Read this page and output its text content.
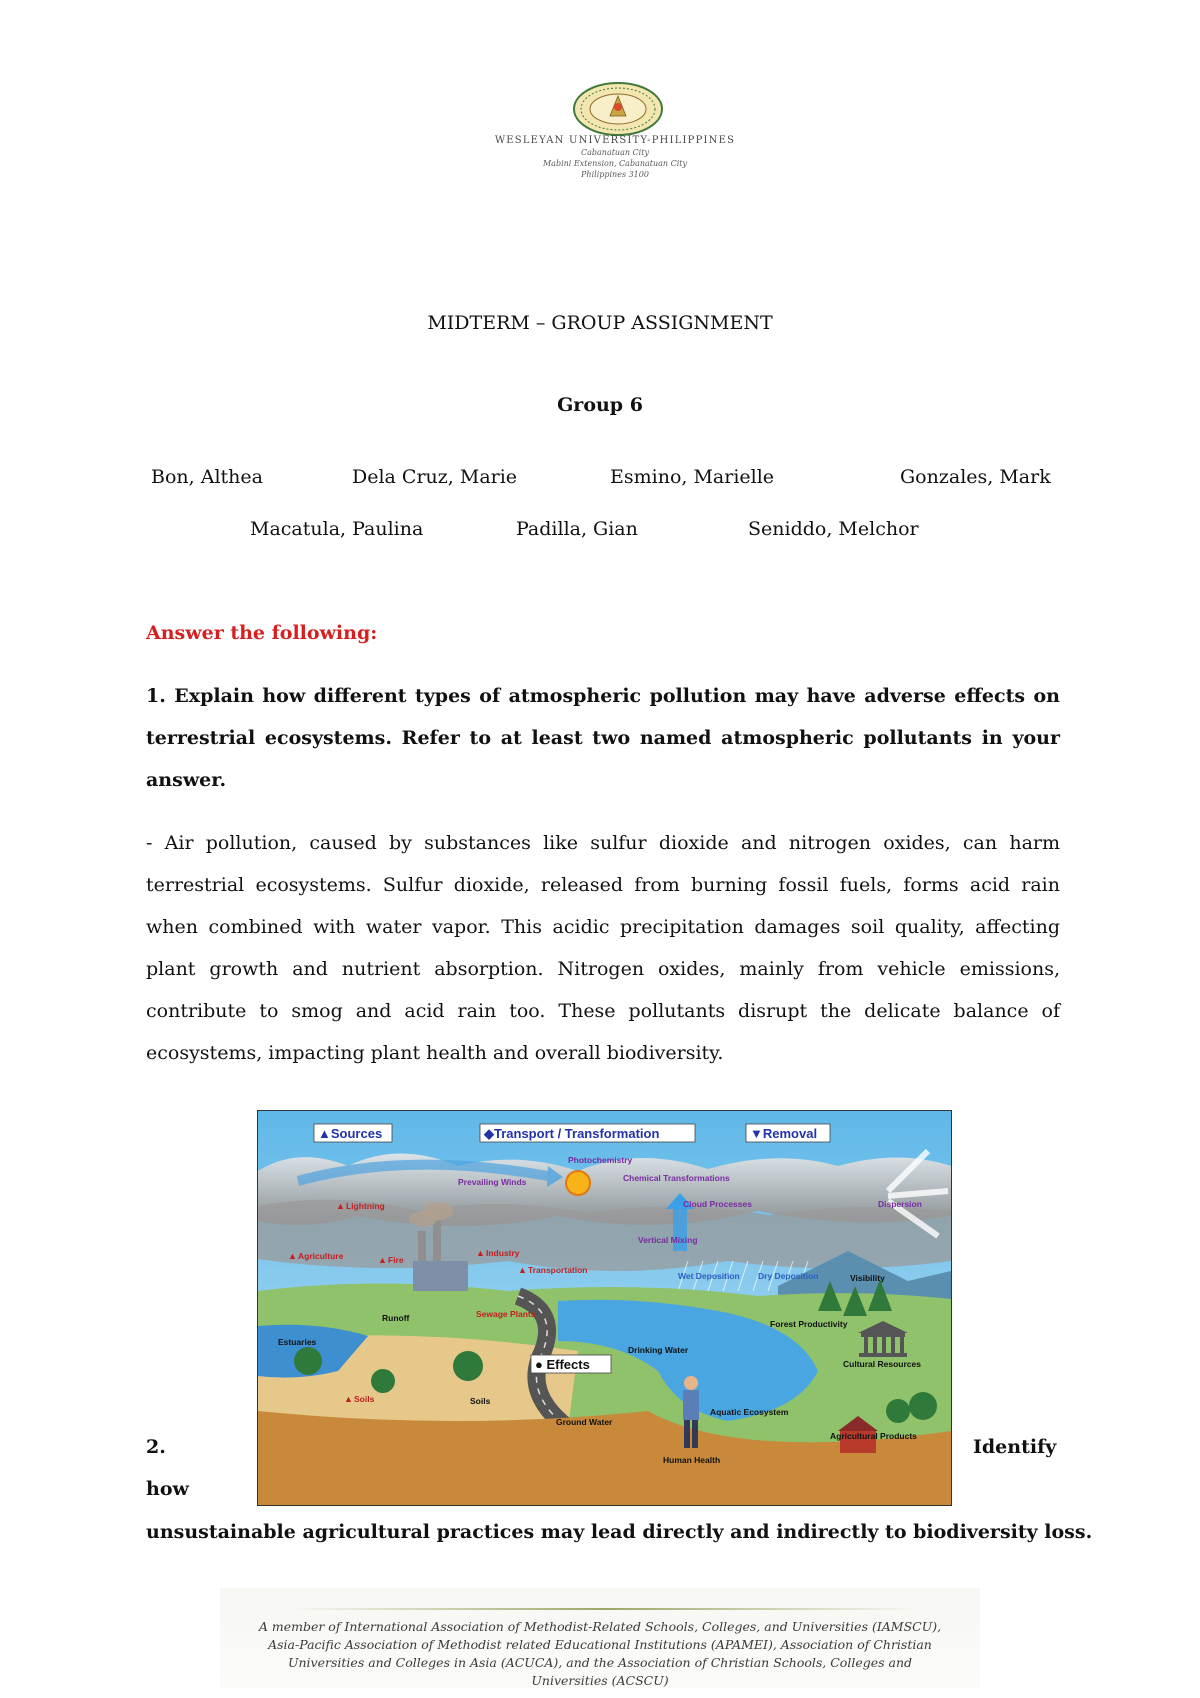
WESLEYAN UNIVERSITY-PHILIPPINES
Cabanatuan City
Mabini Extension, Cabanatuan City
Philippines 3100
MIDTERM – GROUP ASSIGNMENT
Group 6
Bon, Althea	Dela Cruz, Marie	Esmino, Marielle	Gonzales, Mark
Macatula, Paulina	Padilla, Gian	Seniddo, Melchor
Answer the following:
1. Explain how different types of atmospheric pollution may have adverse effects on terrestrial ecosystems. Refer to at least two named atmospheric pollutants in your answer.
- Air pollution, caused by substances like sulfur dioxide and nitrogen oxides, can harm terrestrial ecosystems. Sulfur dioxide, released from burning fossil fuels, forms acid rain when combined with water vapor. This acidic precipitation damages soil quality, affecting plant growth and nutrient absorption. Nitrogen oxides, mainly from vehicle emissions, contribute to smog and acid rain too. These pollutants disrupt the delicate balance of ecosystems, impacting plant health and overall biodiversity.
▲Sources	◆Transport / Transformation	▼Removal
● Effects
Lightning
Agriculture	Fire
Industry
Transportation
Sewage Plants
Soils
▲
▲	▲
▲
▲
▲
Prevailing Winds
Photochemistry
Chemical Transformations
Cloud Processes
Vertical Mixing
Dispersion
Wet Deposition Dry Deposition
Runoff
Estuaries
Soils
Ground Water
Drinking Water
Human Health
Aquatic Ecosystem
Forest Productivity
Cultural Resources
Visibility
Agricultural Products
2.	Identify
how
unsustainable agricultural practices may lead directly and indirectly to biodiversity loss.
A member of International Association of Methodist-Related Schools, Colleges, and Universities (IAMSCU), Asia-Pacific Association of Methodist related Educational Institutions (APAMEI), Association of Christian Universities and Colleges in Asia (ACUCA), and the Association of Christian Schools, Colleges and Universities (ACSCU)
